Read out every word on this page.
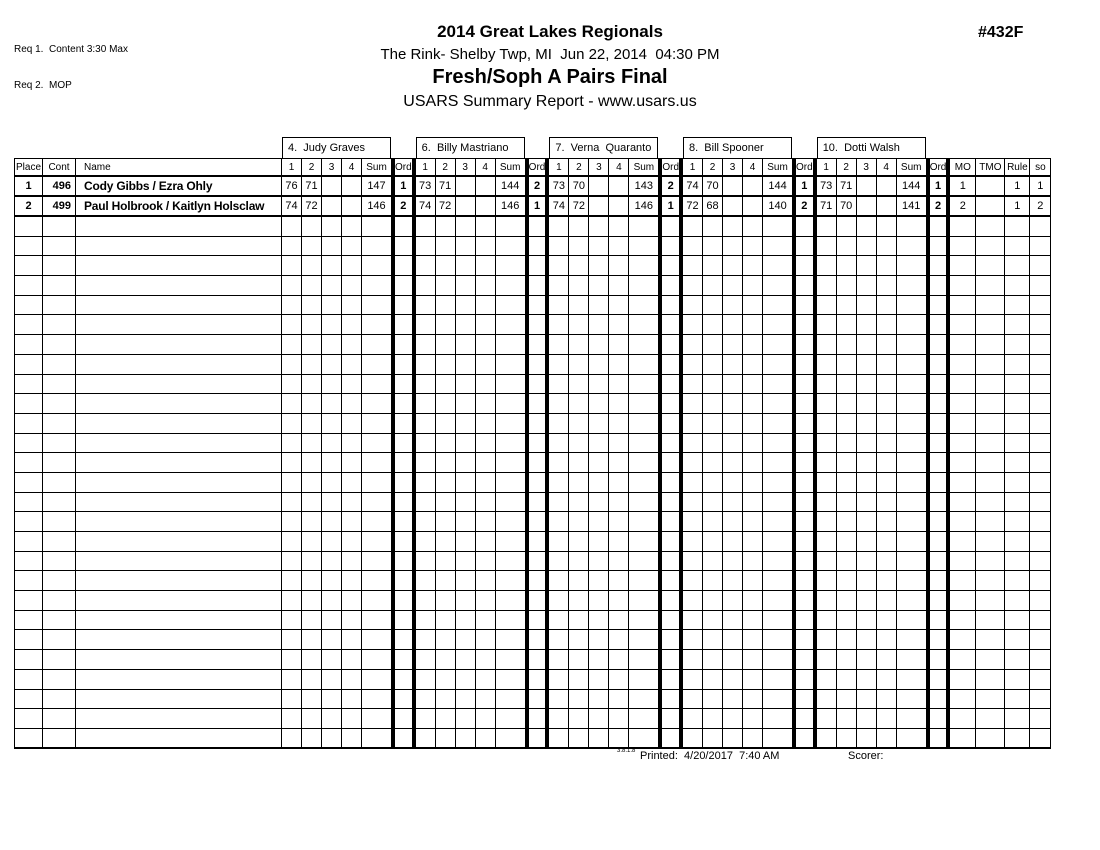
Req 1.  Content 3:30 Max

Req 2.  MOP

2014 Great Lakes Regionals
The Rink- Shelby Twp, MI  Jun 22, 2014  04:30 PM
Fresh/Soph A Pairs Final
USARS Summary Report - www.usars.us
#432F
			4.  Judy Graves						6.  Billy Mastriano						7.  Verna  Quaranto						8.  Bill Spooner						10.  Dotti Walsh									
Place	Cont	Name	1	2	3	4	Sum	Ord	1	2	3	4	Sum	Ord	1	2	3	4	Sum	Ord	1	2	3	4	Sum	Ord	1	2	3	4	Sum	Ord	MO	TMO	Rule	so
1	496	Cody Gibbs / Ezra Ohly	76	71			147	1	73	71			144	2	73	70			143	2	74	70			144	1	73	71			144	1	1		1	1
2	499	Paul Holbrook / Kaitlyn Holsclaw	74	72			146	2	74	72			146	1	74	72			146	1	72	68			140	2	71	70			141	2	2		1	2

3.8.1.8 Printed:  4/20/2017  7:40 AM	Scorer:
